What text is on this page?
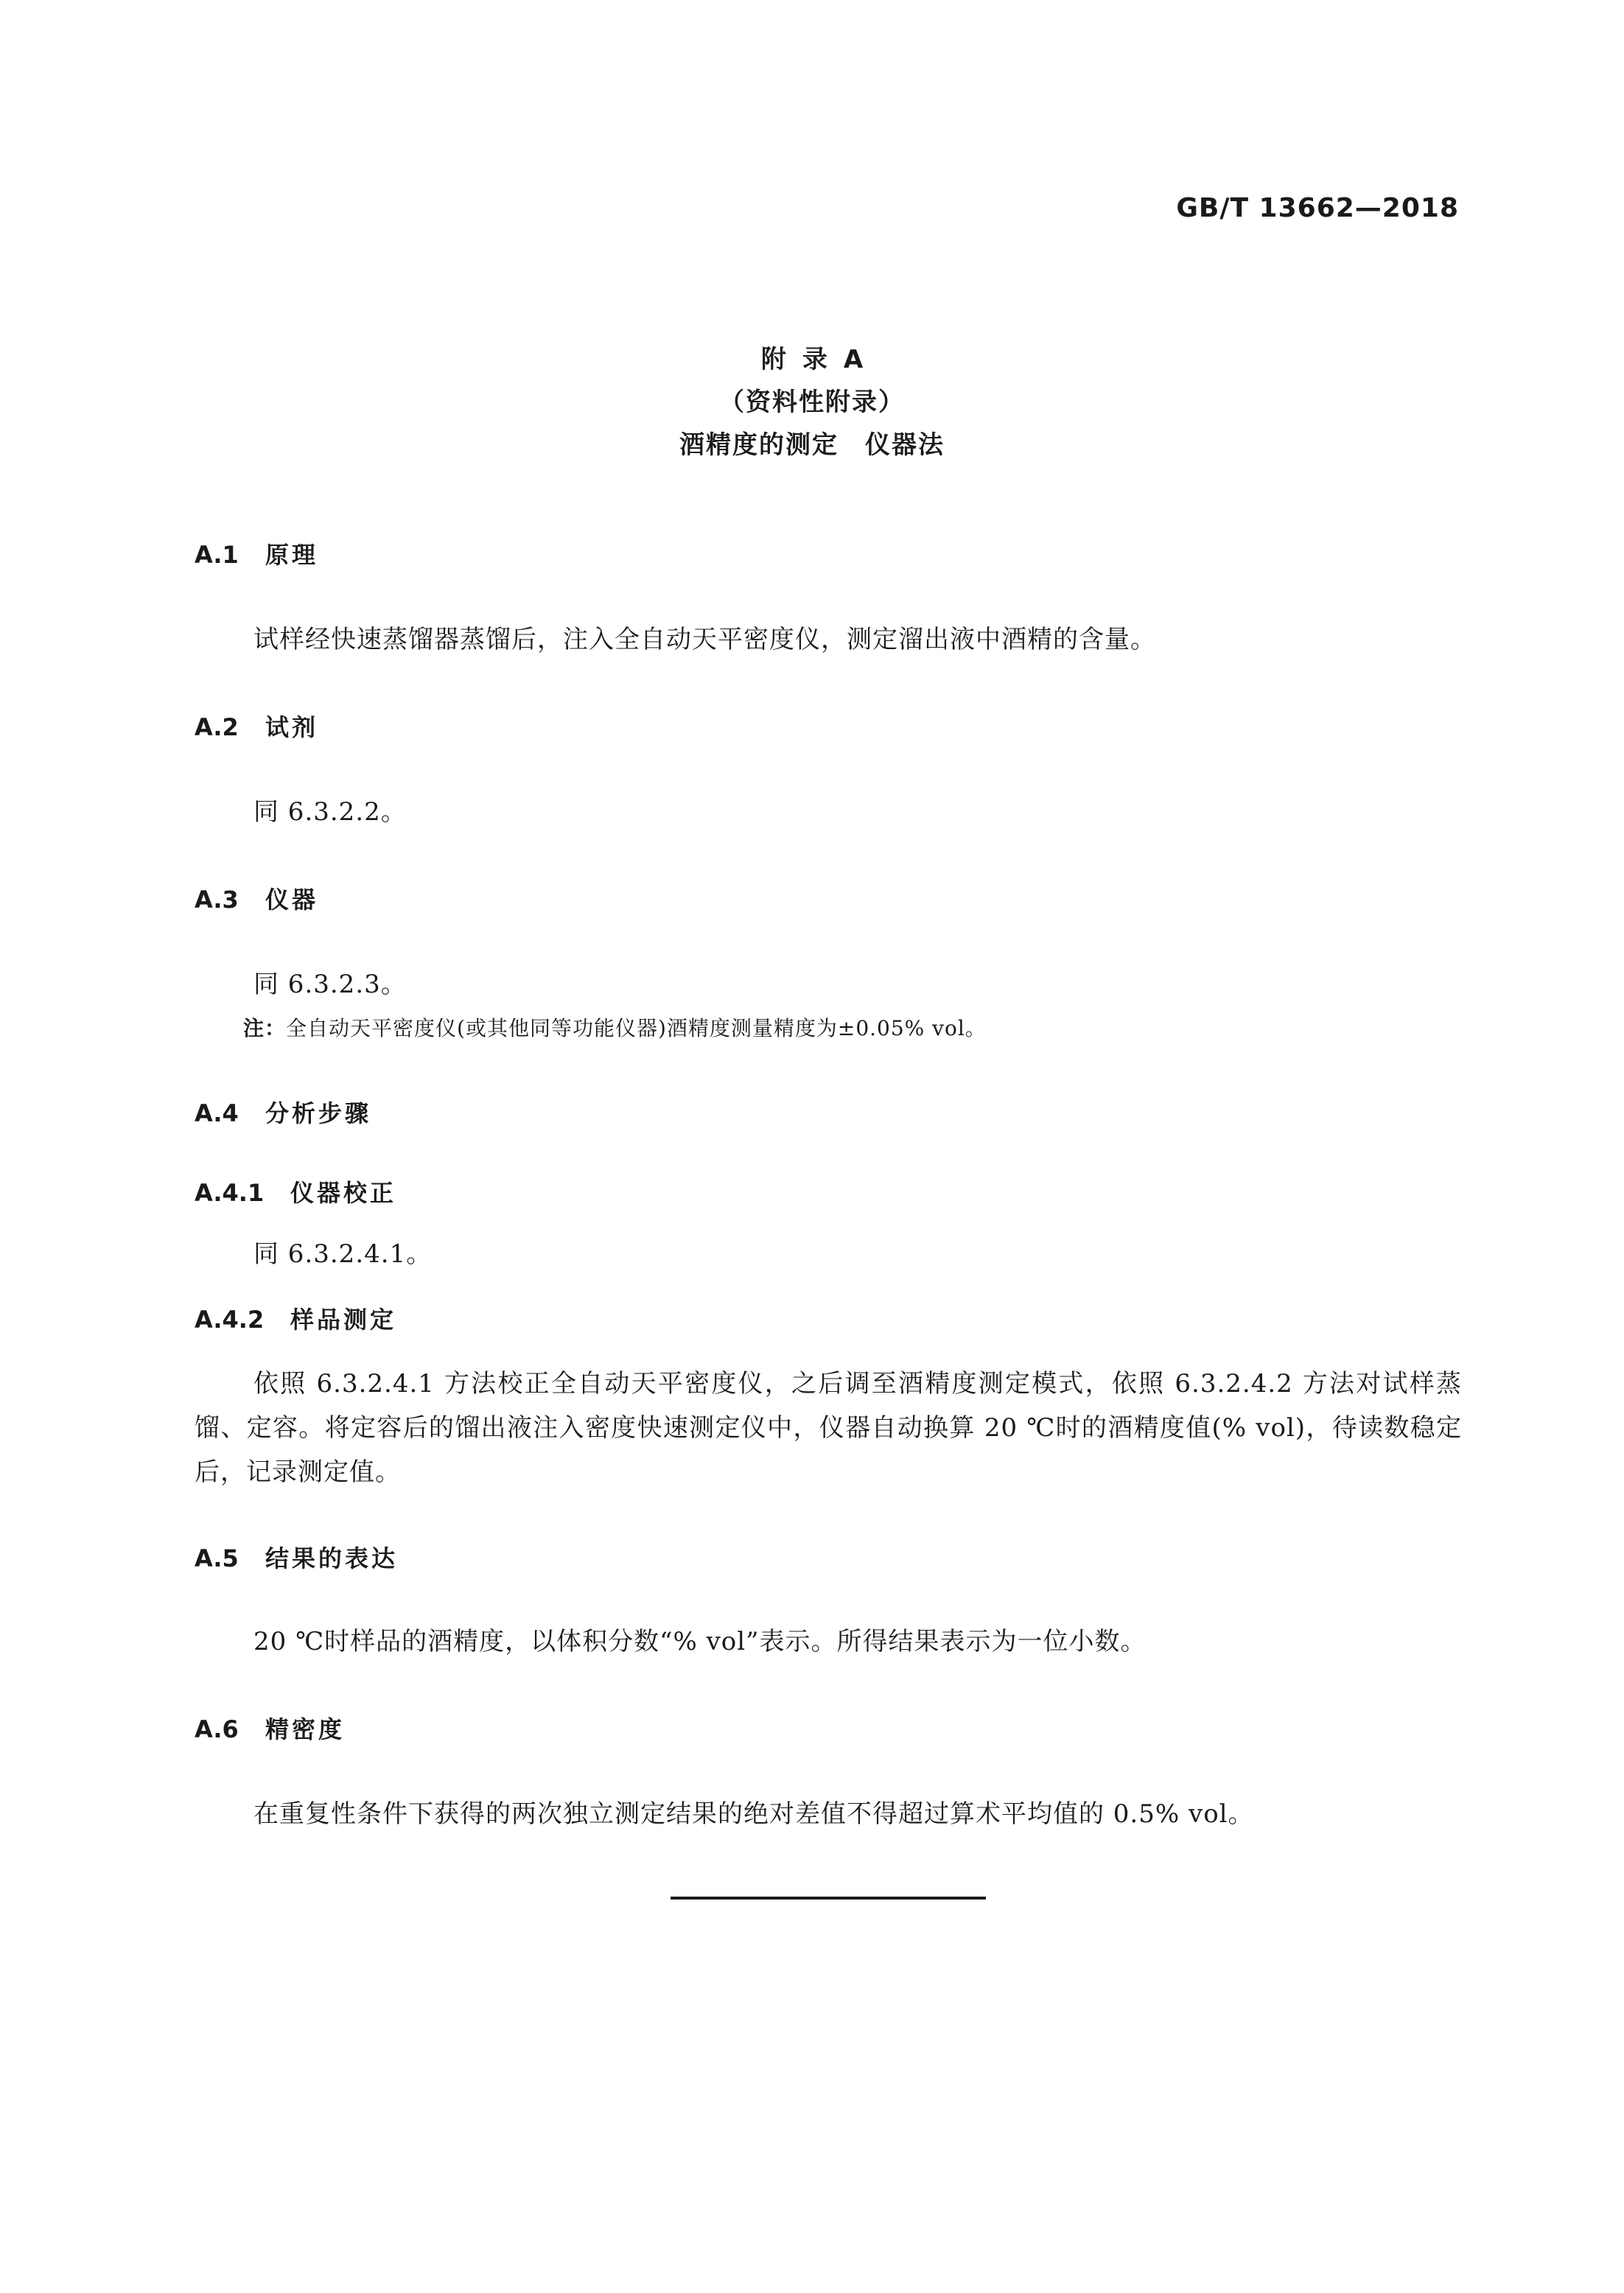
GB/T 13662—2018
附录A
（资料性附录）
酒精度的测定　仪器法
A.1 原理
试样经快速蒸馏器蒸馏后，注入全自动天平密度仪，测定溜出液中酒精的含量。
A.2 试剂
同 6.3.2.2。
A.3 仪器
同 6.3.2.3。
注：全自动天平密度仪(或其他同等功能仪器)酒精度测量精度为±0.05% vol。
A.4 分析步骤
A.4.1 仪器校正
同 6.3.2.4.1。
A.4.2 样品测定
依照 6.3.2.4.1 方法校正全自动天平密度仪，之后调至酒精度测定模式，依照 6.3.2.4.2 方法对试样蒸馏、定容。将定容后的馏出液注入密度快速测定仪中，仪器自动换算 20 ℃时的酒精度值(% vol)，待读数稳定后，记录测定值。
A.5 结果的表达
20 ℃时样品的酒精度，以体积分数“% vol”表示。所得结果表示为一位小数。
A.6 精密度
在重复性条件下获得的两次独立测定结果的绝对差值不得超过算术平均值的 0.5% vol。
